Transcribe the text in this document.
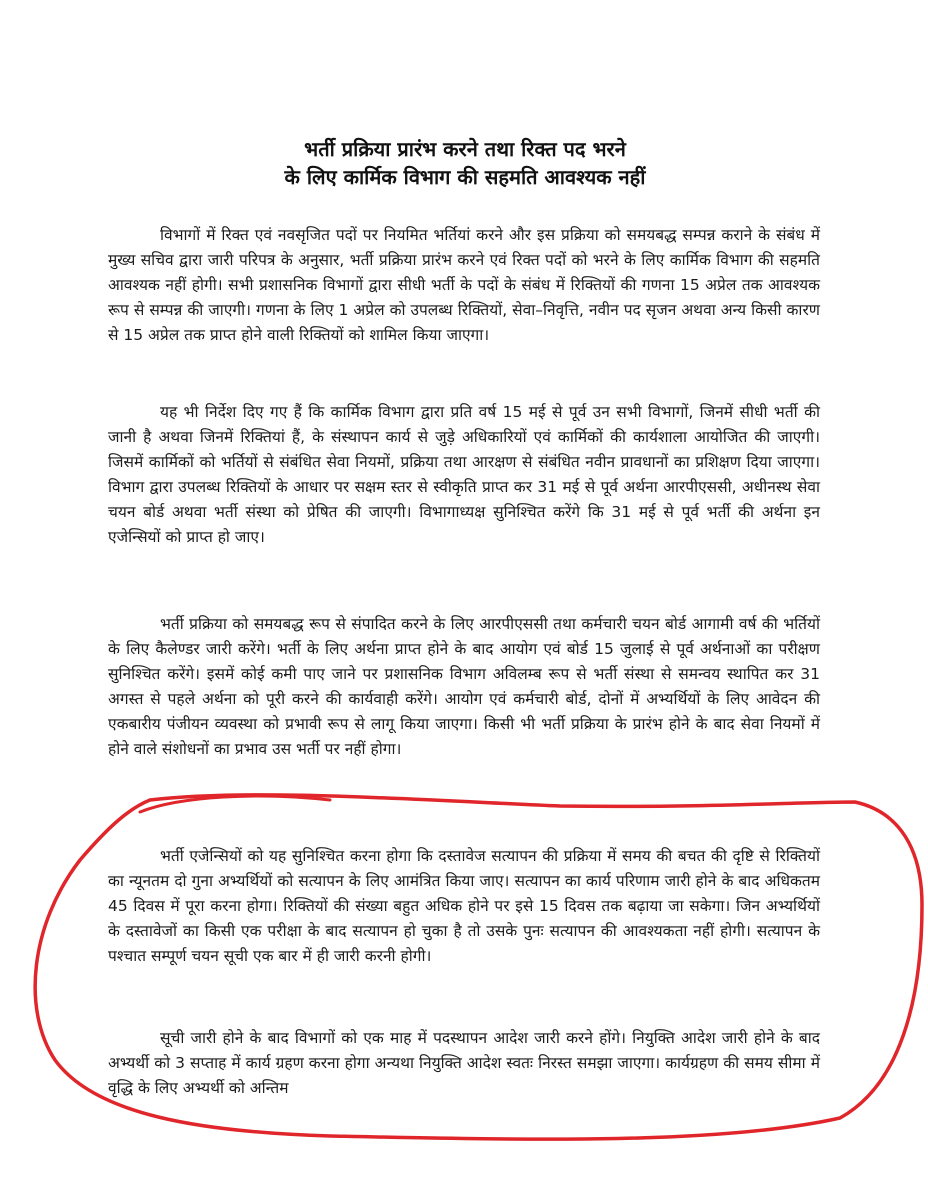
भर्ती प्रक्रिया प्रारंभ करने तथा रिक्त पद भरने
के लिए कार्मिक विभाग की सहमति आवश्यक नहीं

विभागों में रिक्त एवं नवसृजित पदों पर नियमित भर्तियां करने और इस प्रक्रिया को समयबद्ध सम्पन्न कराने के संबंध में मुख्य सचिव द्वारा जारी परिपत्र के अनुसार, भर्ती प्रक्रिया प्रारंभ करने एवं रिक्त पदों को भरने के लिए कार्मिक विभाग की सहमति आवश्यक नहीं होगी। सभी प्रशासनिक विभागों द्वारा सीधी भर्ती के पदों के संबंध में रिक्तियों की गणना 15 अप्रेल तक आवश्यक रूप से सम्पन्न की जाएगी। गणना के लिए 1 अप्रेल को उपलब्ध रिक्तियों, सेवा–निवृत्ति, नवीन पद सृजन अथवा अन्य किसी कारण से 15 अप्रेल तक प्राप्त होने वाली रिक्तियों को शामिल किया जाएगा।

यह भी निर्देश दिए गए हैं कि कार्मिक विभाग द्वारा प्रति वर्ष 15 मई से पूर्व उन सभी विभागों, जिनमें सीधी भर्ती की जानी है अथवा जिनमें रिक्तियां हैं, के संस्थापन कार्य से जुड़े अधिकारियों एवं कार्मिकों की कार्यशाला आयोजित की जाएगी। जिसमें कार्मिकों को भर्तियों से संबंधित सेवा नियमों, प्रक्रिया तथा आरक्षण से संबंधित नवीन प्रावधानों का प्रशिक्षण दिया जाएगा। विभाग द्वारा उपलब्ध रिक्तियों के आधार पर सक्षम स्तर से स्वीकृति प्राप्त कर 31 मई से पूर्व अर्थना आरपीएससी, अधीनस्थ सेवा चयन बोर्ड अथवा भर्ती संस्था को प्रेषित की जाएगी। विभागाध्यक्ष सुनिश्चित करेंगे कि 31 मई से पूर्व भर्ती की अर्थना इन एजेन्सियों को प्राप्त हो जाए।

भर्ती प्रक्रिया को समयबद्ध रूप से संपादित करने के लिए आरपीएससी तथा कर्मचारी चयन बोर्ड आगामी वर्ष की भर्तियों के लिए कैलेण्डर जारी करेंगे। भर्ती के लिए अर्थना प्राप्त होने के बाद आयोग एवं बोर्ड 15 जुलाई से पूर्व अर्थनाओं का परीक्षण सुनिश्चित करेंगे। इसमें कोई कमी पाए जाने पर प्रशासनिक विभाग अविलम्ब रूप से भर्ती संस्था से समन्वय स्थापित कर 31 अगस्त से पहले अर्थना को पूरी करने की कार्यवाही करेंगे। आयोग एवं कर्मचारी बोर्ड, दोनों में अभ्यर्थियों के लिए आवेदन की एकबारीय पंजीयन व्यवस्था को प्रभावी रूप से लागू किया जाएगा। किसी भी भर्ती प्रक्रिया के प्रारंभ होने के बाद सेवा नियमों में होने वाले संशोधनों का प्रभाव उस भर्ती पर नहीं होगा।

भर्ती एजेन्सियों को यह सुनिश्चित करना होगा कि दस्तावेज सत्यापन की प्रक्रिया में समय की बचत की दृष्टि से रिक्तियों का न्यूनतम दो गुना अभ्यर्थियों को सत्यापन के लिए आमंत्रित किया जाए। सत्यापन का कार्य परिणाम जारी होने के बाद अधिकतम 45 दिवस में पूरा करना होगा। रिक्तियों की संख्या बहुत अधिक होने पर इसे 15 दिवस तक बढ़ाया जा सकेगा। जिन अभ्यर्थियों के दस्तावेजों का किसी एक परीक्षा के बाद सत्यापन हो चुका है तो उसके पुनः सत्यापन की आवश्यकता नहीं होगी। सत्यापन के पश्चात सम्पूर्ण चयन सूची एक बार में ही जारी करनी होगी।

सूची जारी होने के बाद विभागों को एक माह में पदस्थापन आदेश जारी करने होंगे। नियुक्ति आदेश जारी होने के बाद अभ्यर्थी को 3 सप्ताह में कार्य ग्रहण करना होगा अन्यथा नियुक्ति आदेश स्वतः निरस्त समझा जाएगा। कार्यग्रहण की समय सीमा में वृद्धि के लिए अभ्यर्थी को अन्तिम
